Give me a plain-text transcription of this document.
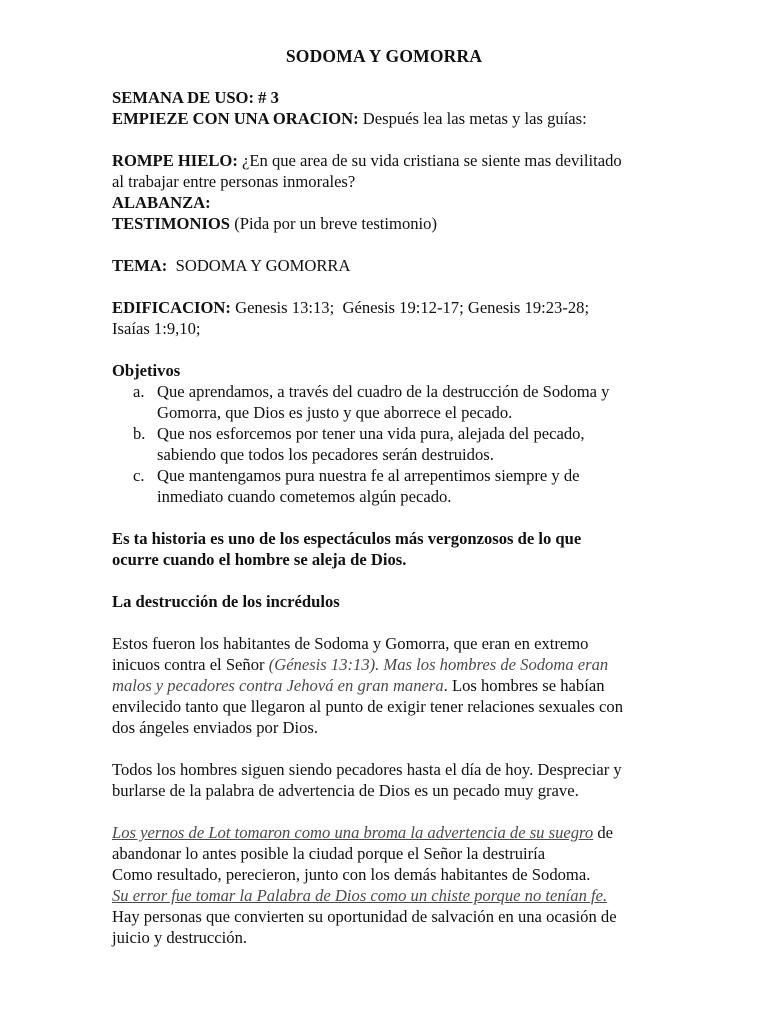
SODOMA Y GOMORRA

SEMANA DE USO: # 3

EMPIEZE CON UNA ORACION: Después lea las metas y las guías:

ROMPE HIELO: ¿En que area de su vida cristiana se siente mas devilitado

al trabajar entre personas inmorales?

ALABANZA:

TESTIMONIOS (Pida por un breve testimonio)

TEMA:  SODOMA Y GOMORRA

EDIFICACION: Genesis 13:13;  Génesis 19:12-17; Genesis 19:23-28;

Isaías 1:9,10;

Objetivos

a. Que aprendamos, a través del cuadro de la destrucción de Sodoma y
Gomorra, que Dios es justo y que aborrece el pecado.
b. Que nos esforcemos por tener una vida pura, alejada del pecado,
sabiendo que todos los pecadores serán destruidos.
c. Que mantengamos pura nuestra fe al arrepentimos siempre y de
inmediato cuando cometemos algún pecado.

Es ta historia es uno de los espectáculos más vergonzosos de lo que

ocurre cuando el hombre se aleja de Dios.

La destrucción de los incrédulos

Estos fueron los habitantes de Sodoma y Gomorra, que eran en extremo

inicuos contra el Señor (Génesis 13:13). Mas los hombres de Sodoma eran

malos y pecadores contra Jehová en gran manera. Los hombres se habían

envilecido tanto que llegaron al punto de exigir tener relaciones sexuales con

dos ángeles enviados por Dios.

Todos los hombres siguen siendo pecadores hasta el día de hoy. Despreciar y

burlarse de la palabra de advertencia de Dios es un pecado muy grave.

Los yernos de Lot tomaron como una broma la advertencia de su suegro de

abandonar lo antes posible la ciudad porque el Señor la destruiría

Como resultado, perecieron, junto con los demás habitantes de Sodoma.

Su error fue tomar la Palabra de Dios como un chiste porque no tenían fe.

Hay personas que convierten su oportunidad de salvación en una ocasión de

juicio y destrucción.
